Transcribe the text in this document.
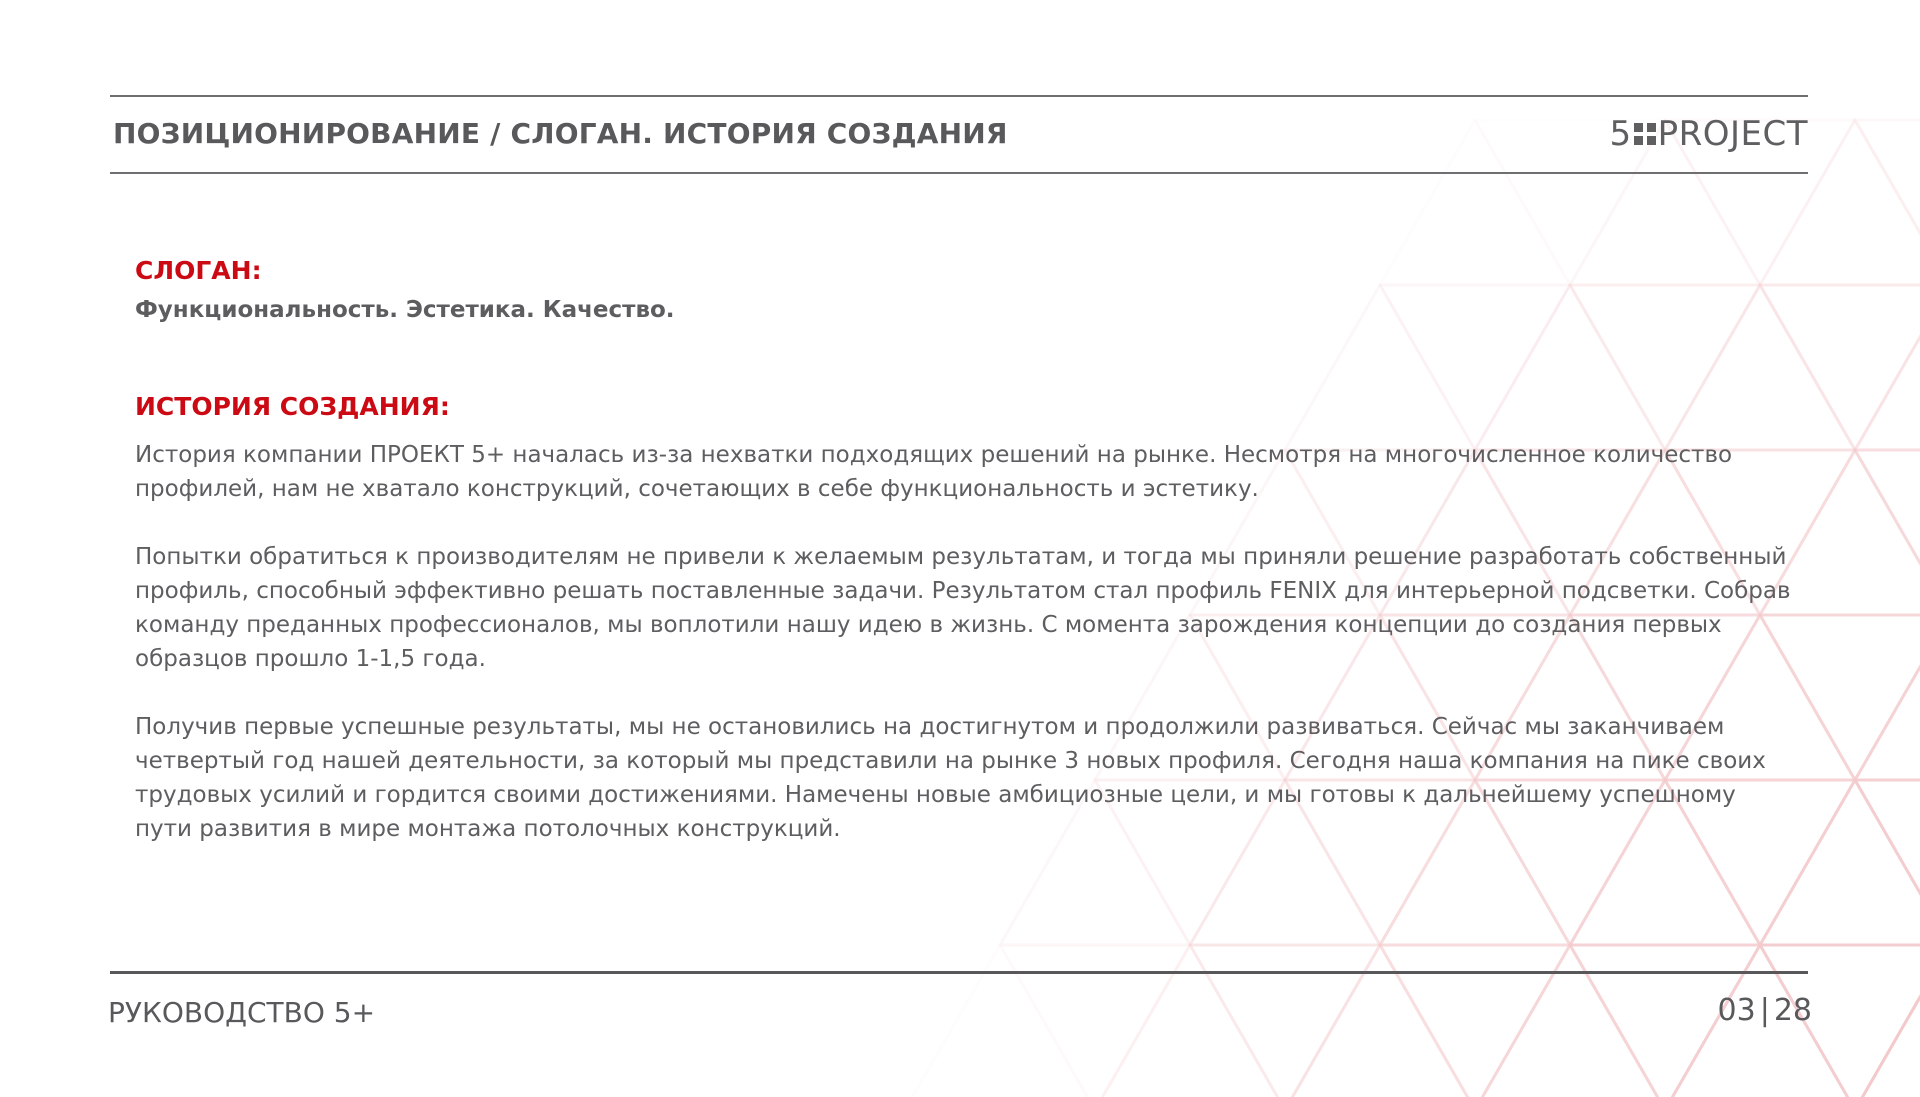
ПОЗИЦИОНИРОВАНИЕ / СЛОГАН. ИСТОРИЯ СОЗДАНИЯ	5 PROJECT
СЛОГАН:

Функциональность. Эстетика. Качество.

ИСТОРИЯ СОЗДАНИЯ:

История компании ПРОЕКТ 5+ началась из-за нехватки подходящих решений на рынке. Несмотря на многочисленное количество профилей, нам не хватало конструкций, сочетающих в себе функциональность и эстетику.

Попытки обратиться к производителям не привели к желаемым результатам, и тогда мы приняли решение разработать собственный профиль, способный эффективно решать поставленные задачи. Результатом стал профиль FENIX для интерьерной подсветки. Собрав команду преданных профессионалов, мы воплотили нашу идею в жизнь. С момента зарождения концепции до создания первых образцов прошло 1-1,5 года.

Получив первые успешные результаты, мы не остановились на достигнутом и продолжили развиваться. Сейчас мы заканчиваем четвертый год нашей деятельности, за который мы представили на рынке 3 новых профиля. Сегодня наша компания на пике своих трудовых усилий и гордится своими достижениями. Намечены новые амбициозные цели, и мы готовы к дальнейшему успешному пути развития в мире монтажа потолочных конструкций.

РУКОВОДСТВО 5+	03 | 28
